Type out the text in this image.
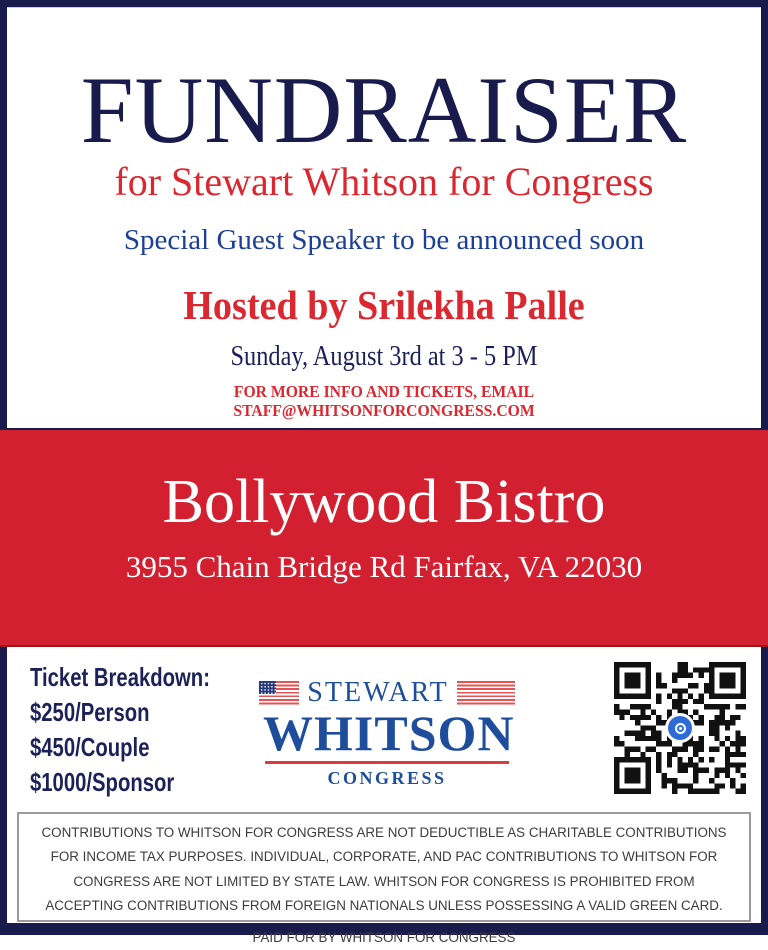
FUNDRAISER
for Stewart Whitson for Congress

Special Guest Speaker to be announced soon

Hosted by Srilekha Palle

Sunday, August 3rd at 3 - 5 PM

FOR MORE INFO AND TICKETS, EMAIL

STAFF@WHITSONFORCONGRESS.COM

Bollywood Bistro

3955 Chain Bridge Rd Fairfax, VA 22030

Ticket Breakdown:
$250/Person
$450/Couple
$1000/Sponsor
STEWART
WHITSON
CONGRESS

CONTRIBUTIONS TO WHITSON FOR CONGRESS ARE NOT DEDUCTIBLE AS CHARITABLE CONTRIBUTIONS FOR INCOME TAX PURPOSES. INDIVIDUAL, CORPORATE, AND PAC CONTRIBUTIONS TO WHITSON FOR CONGRESS ARE NOT LIMITED BY STATE LAW. WHITSON FOR CONGRESS IS PROHIBITED FROM ACCEPTING CONTRIBUTIONS FROM FOREIGN NATIONALS UNLESS POSSESSING A VALID GREEN CARD.

PAID FOR BY WHITSON FOR CONGRESS
